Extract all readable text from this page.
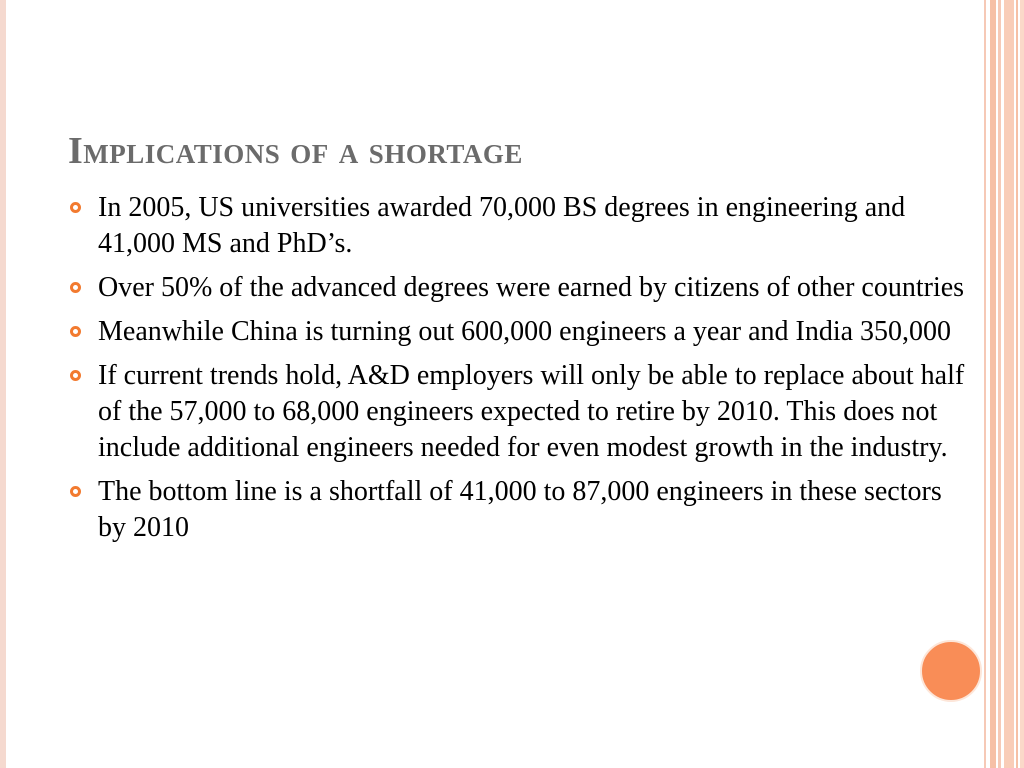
Implications of a shortage
In 2005, US universities awarded 70,000 BS degrees in engineering and 41,000 MS and PhD’s.
Over 50% of the advanced degrees were earned by citizens of other countries
Meanwhile China is turning out 600,000 engineers a year and India 350,000
If current trends hold, A&D employers will only be able to replace about half of the 57,000 to 68,000 engineers expected to retire by 2010. This does not include additional engineers needed for even modest growth in the industry.
The bottom line is a shortfall of 41,000 to 87,000 engineers in these sectors by 2010
